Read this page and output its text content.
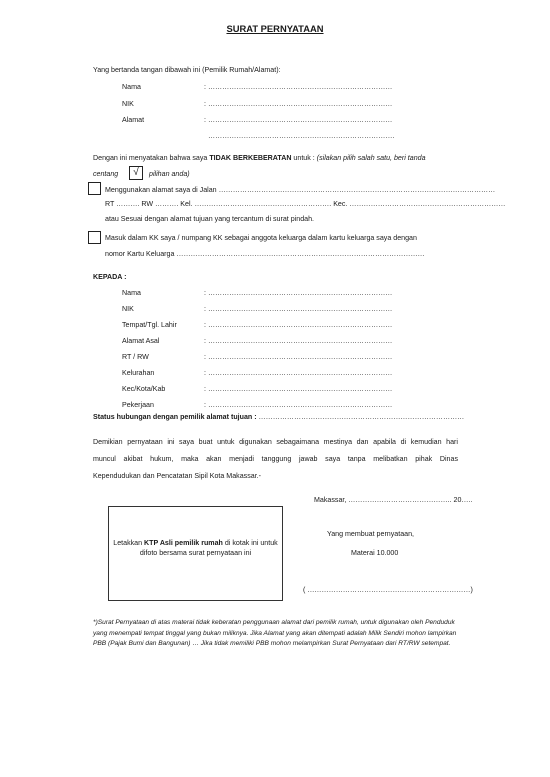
SURAT PERNYATAAN
Yang bertanda tangan dibawah ini (Pemilik Rumah/Alamat):
Nama	: ……………………………………………………………………
NIK	: ……………………………………………………………………
Alamat	: ……………………………………………………………………
…………………………………………………………………….
Dengan ini menyatakan bahwa saya TIDAK BERKEBERATAN untuk : (silakan pilih salah satu, beri tanda
centang	√	pilihan anda)
Menggunakan alamat saya di Jalan ………………………………………………………………………………………………………
RT ………. RW ………. Kel. …………………………………………………. Kec. …………………………………………………………
atau Sesuai dengan alamat tujuan yang tercantum di surat pindah.
Masuk dalam KK saya / numpang KK sebagai anggota keluarga dalam kartu keluarga saya dengan
nomor Kartu Keluarga ……………………………………………………………………………………………
KEPADA :
Nama	: ……………………………………………………………………
NIK	: ……………………………………………………………………
Tempat/Tgl. Lahir	: ……………………………………………………………………
Alamat Asal	: ……………………………………………………………………
RT / RW	: ……………………………………………………………………
Kelurahan	: ……………………………………………………………………
Kec/Kota/Kab	: ……………………………………………………………………
Pekerjaan	: ……………………………………………………………………
Status hubungan dengan pemilik alamat tujuan : ……………………………………………………………………………
Demikian pernyataan ini saya buat untuk digunakan sebagaimana mestinya dan apabila di kemudian hari
muncul akibat hukum, maka akan menjadi tanggung jawab saya tanpa melibatkan pihak Dinas
Kependudukan dan Pencatatan Sipil Kota Makassar.-
Makassar, …………………………………….. 20…..
Letakkan KTP Asli pemilik rumah di kotak ini untuk difoto bersama surat pernyataan ini
Yang membuat pernyataan,
Materai 10.000
( ……………………………………………………………)
*)Surat Pernyataan di atas materai tidak keberatan penggunaan alamat dari pemilik rumah, untuk digunakan oleh Penduduk yang menempati tempat tinggal yang bukan miliknya. Jika Alamat yang akan ditempati adalah Milik Sendiri mohon lampirkan PBB (Pajak Bumi dan Bangunan) … Jika tidak memiliki PBB mohon melampirkan Surat Pernyataan dari RT/RW setempat.
